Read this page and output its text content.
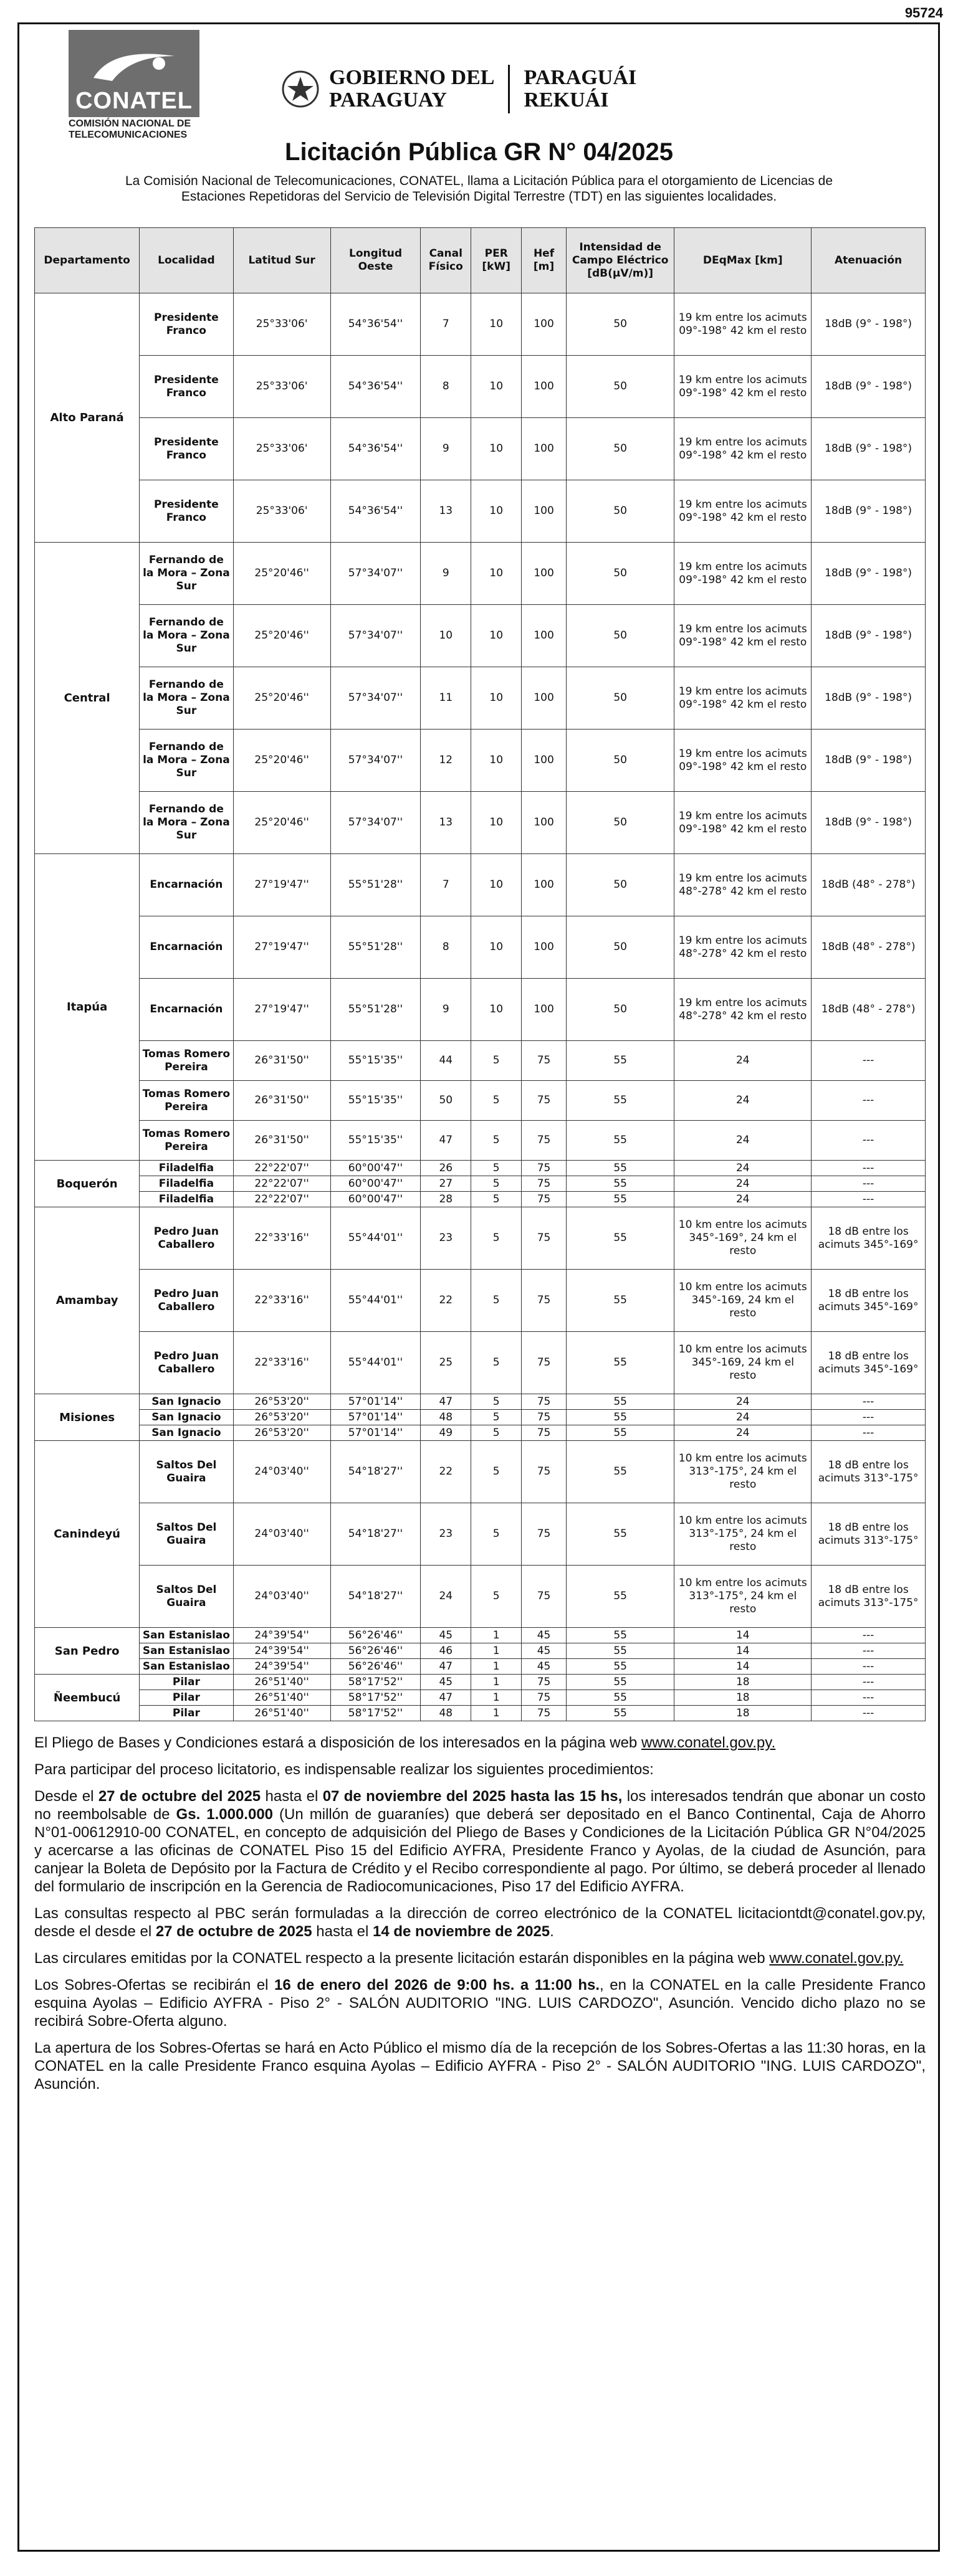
95724
CONATEL
COMISIÓN NACIONAL DE TELECOMUNICACIONES
GOBIERNO DEL
PARAGUAY
PARAGUÁI
REKUÁI
Licitación Pública GR N° 04/2025
La Comisión Nacional de Telecomunicaciones, CONATEL, llama a Licitación Pública para el otorgamiento de Licencias de Estaciones Repetidoras del Servicio de Televisión Digital Terrestre (TDT) en las siguientes localidades.
Departamento	Localidad	Latitud Sur	Longitud Oeste	Canal Físico	PER [kW]	Hef [m]	Intensidad de Campo Eléctrico [dB(µV/m)]	DEqMax [km]	Atenuación
Alto Paraná	Presidente Franco	25°33'06'	54°36'54''	7	10	100	50	19 km entre los acimuts 09°-198° 42 km el resto	18dB (9° - 198°)
	Presidente Franco	25°33'06'	54°36'54''	8	10	100	50	19 km entre los acimuts 09°-198° 42 km el resto	18dB (9° - 198°)
	Presidente Franco	25°33'06'	54°36'54''	9	10	100	50	19 km entre los acimuts 09°-198° 42 km el resto	18dB (9° - 198°)
	Presidente Franco	25°33'06'	54°36'54''	13	10	100	50	19 km entre los acimuts 09°-198° 42 km el resto	18dB (9° - 198°)
Central	Fernando de la Mora – Zona Sur	25°20'46''	57°34'07''	9	10	100	50	19 km entre los acimuts 09°-198° 42 km el resto	18dB (9° - 198°)
	Fernando de la Mora – Zona Sur	25°20'46''	57°34'07''	10	10	100	50	19 km entre los acimuts 09°-198° 42 km el resto	18dB (9° - 198°)
	Fernando de la Mora – Zona Sur	25°20'46''	57°34'07''	11	10	100	50	19 km entre los acimuts 09°-198° 42 km el resto	18dB (9° - 198°)
	Fernando de la Mora – Zona Sur	25°20'46''	57°34'07''	12	10	100	50	19 km entre los acimuts 09°-198° 42 km el resto	18dB (9° - 198°)
	Fernando de la Mora – Zona Sur	25°20'46''	57°34'07''	13	10	100	50	19 km entre los acimuts 09°-198° 42 km el resto	18dB (9° - 198°)
Itapúa	Encarnación	27°19'47''	55°51'28''	7	10	100	50	19 km entre los acimuts 48°-278° 42 km el resto	18dB (48° - 278°)
	Encarnación	27°19'47''	55°51'28''	8	10	100	50	19 km entre los acimuts 48°-278° 42 km el resto	18dB (48° - 278°)
	Encarnación	27°19'47''	55°51'28''	9	10	100	50	19 km entre los acimuts 48°-278° 42 km el resto	18dB (48° - 278°)
	Tomas Romero Pereira	26°31'50''	55°15'35''	44	5	75	55	24	---
	Tomas Romero Pereira	26°31'50''	55°15'35''	50	5	75	55	24	---
	Tomas Romero Pereira	26°31'50''	55°15'35''	47	5	75	55	24	---
Boquerón	Filadelfia	22°22'07''	60°00'47''	26	5	75	55	24	---
	Filadelfia	22°22'07''	60°00'47''	27	5	75	55	24	---
	Filadelfia	22°22'07''	60°00'47''	28	5	75	55	24	---
Amambay	Pedro Juan Caballero	22°33'16''	55°44'01''	23	5	75	55	10 km entre los acimuts 345°-169°, 24 km el resto	18 dB entre los acimuts 345°-169°
	Pedro Juan Caballero	22°33'16''	55°44'01''	22	5	75	55	10 km entre los acimuts 345°-169, 24 km el resto	18 dB entre los acimuts 345°-169°
	Pedro Juan Caballero	22°33'16''	55°44'01''	25	5	75	55	10 km entre los acimuts 345°-169, 24 km el resto	18 dB entre los acimuts 345°-169°
Misiones	San Ignacio	26°53'20''	57°01'14''	47	5	75	55	24	---
	San Ignacio	26°53'20''	57°01'14''	48	5	75	55	24	---
	San Ignacio	26°53'20''	57°01'14''	49	5	75	55	24	---
Canindeyú	Saltos Del Guaira	24°03'40''	54°18'27''	22	5	75	55	10 km entre los acimuts 313°-175°, 24 km el resto	18 dB entre los acimuts 313°-175°
	Saltos Del Guaira	24°03'40''	54°18'27''	23	5	75	55	10 km entre los acimuts 313°-175°, 24 km el resto	18 dB entre los acimuts 313°-175°
	Saltos Del Guaira	24°03'40''	54°18'27''	24	5	75	55	10 km entre los acimuts 313°-175°, 24 km el resto	18 dB entre los acimuts 313°-175°
San Pedro	San Estanislao	24°39'54''	56°26'46''	45	1	45	55	14	---
	San Estanislao	24°39'54''	56°26'46''	46	1	45	55	14	---
	San Estanislao	24°39'54''	56°26'46''	47	1	45	55	14	---
Ñeembucú	Pilar	26°51'40''	58°17'52''	45	1	75	55	18	---
	Pilar	26°51'40''	58°17'52''	47	1	75	55	18	---
	Pilar	26°51'40''	58°17'52''	48	1	75	55	18	---

El Pliego de Bases y Condiciones estará a disposición de los interesados en la página web www.conatel.gov.py.

Para participar del proceso licitatorio, es indispensable realizar los siguientes procedimientos:

Desde el 27 de octubre del 2025 hasta el 07 de noviembre del 2025 hasta las 15 hs, los interesados tendrán que abonar un costo no reembolsable de Gs. 1.000.000 (Un millón de guaraníes) que deberá ser depositado en el Banco Continental, Caja de Ahorro N°01-00612910-00 CONATEL, en concepto de adquisición del Pliego de Bases y Condiciones de la Licitación Pública GR N°04/2025 y acercarse a las oficinas de CONATEL Piso 15 del Edificio AYFRA, Presidente Franco y Ayolas, de la ciudad de Asunción, para canjear la Boleta de Depósito por la Factura de Crédito y el Recibo correspondiente al pago. Por último, se deberá proceder al llenado del formulario de inscripción en la Gerencia de Radiocomunicaciones, Piso 17 del Edificio AYFRA.

Las consultas respecto al PBC serán formuladas a la dirección de correo electrónico de la CONATEL licitaciontdt@conatel.gov.py, desde el desde el 27 de octubre de 2025 hasta el 14 de noviembre de 2025.

Las circulares emitidas por la CONATEL respecto a la presente licitación estarán disponibles en la página web www.conatel.gov.py.

Los Sobres-Ofertas se recibirán el 16 de enero del 2026 de 9:00 hs. a 11:00 hs., en la CONATEL en la calle Presidente Franco esquina Ayolas – Edificio AYFRA - Piso 2° - SALÓN AUDITORIO "ING. LUIS CARDOZO", Asunción. Vencido dicho plazo no se recibirá Sobre-Oferta alguno.

La apertura de los Sobres-Ofertas se hará en Acto Público el mismo día de la recepción de los Sobres-Ofertas a las 11:30 horas, en la CONATEL en la calle Presidente Franco esquina Ayolas – Edificio AYFRA - Piso 2° - SALÓN AUDITORIO "ING. LUIS CARDOZO", Asunción.
